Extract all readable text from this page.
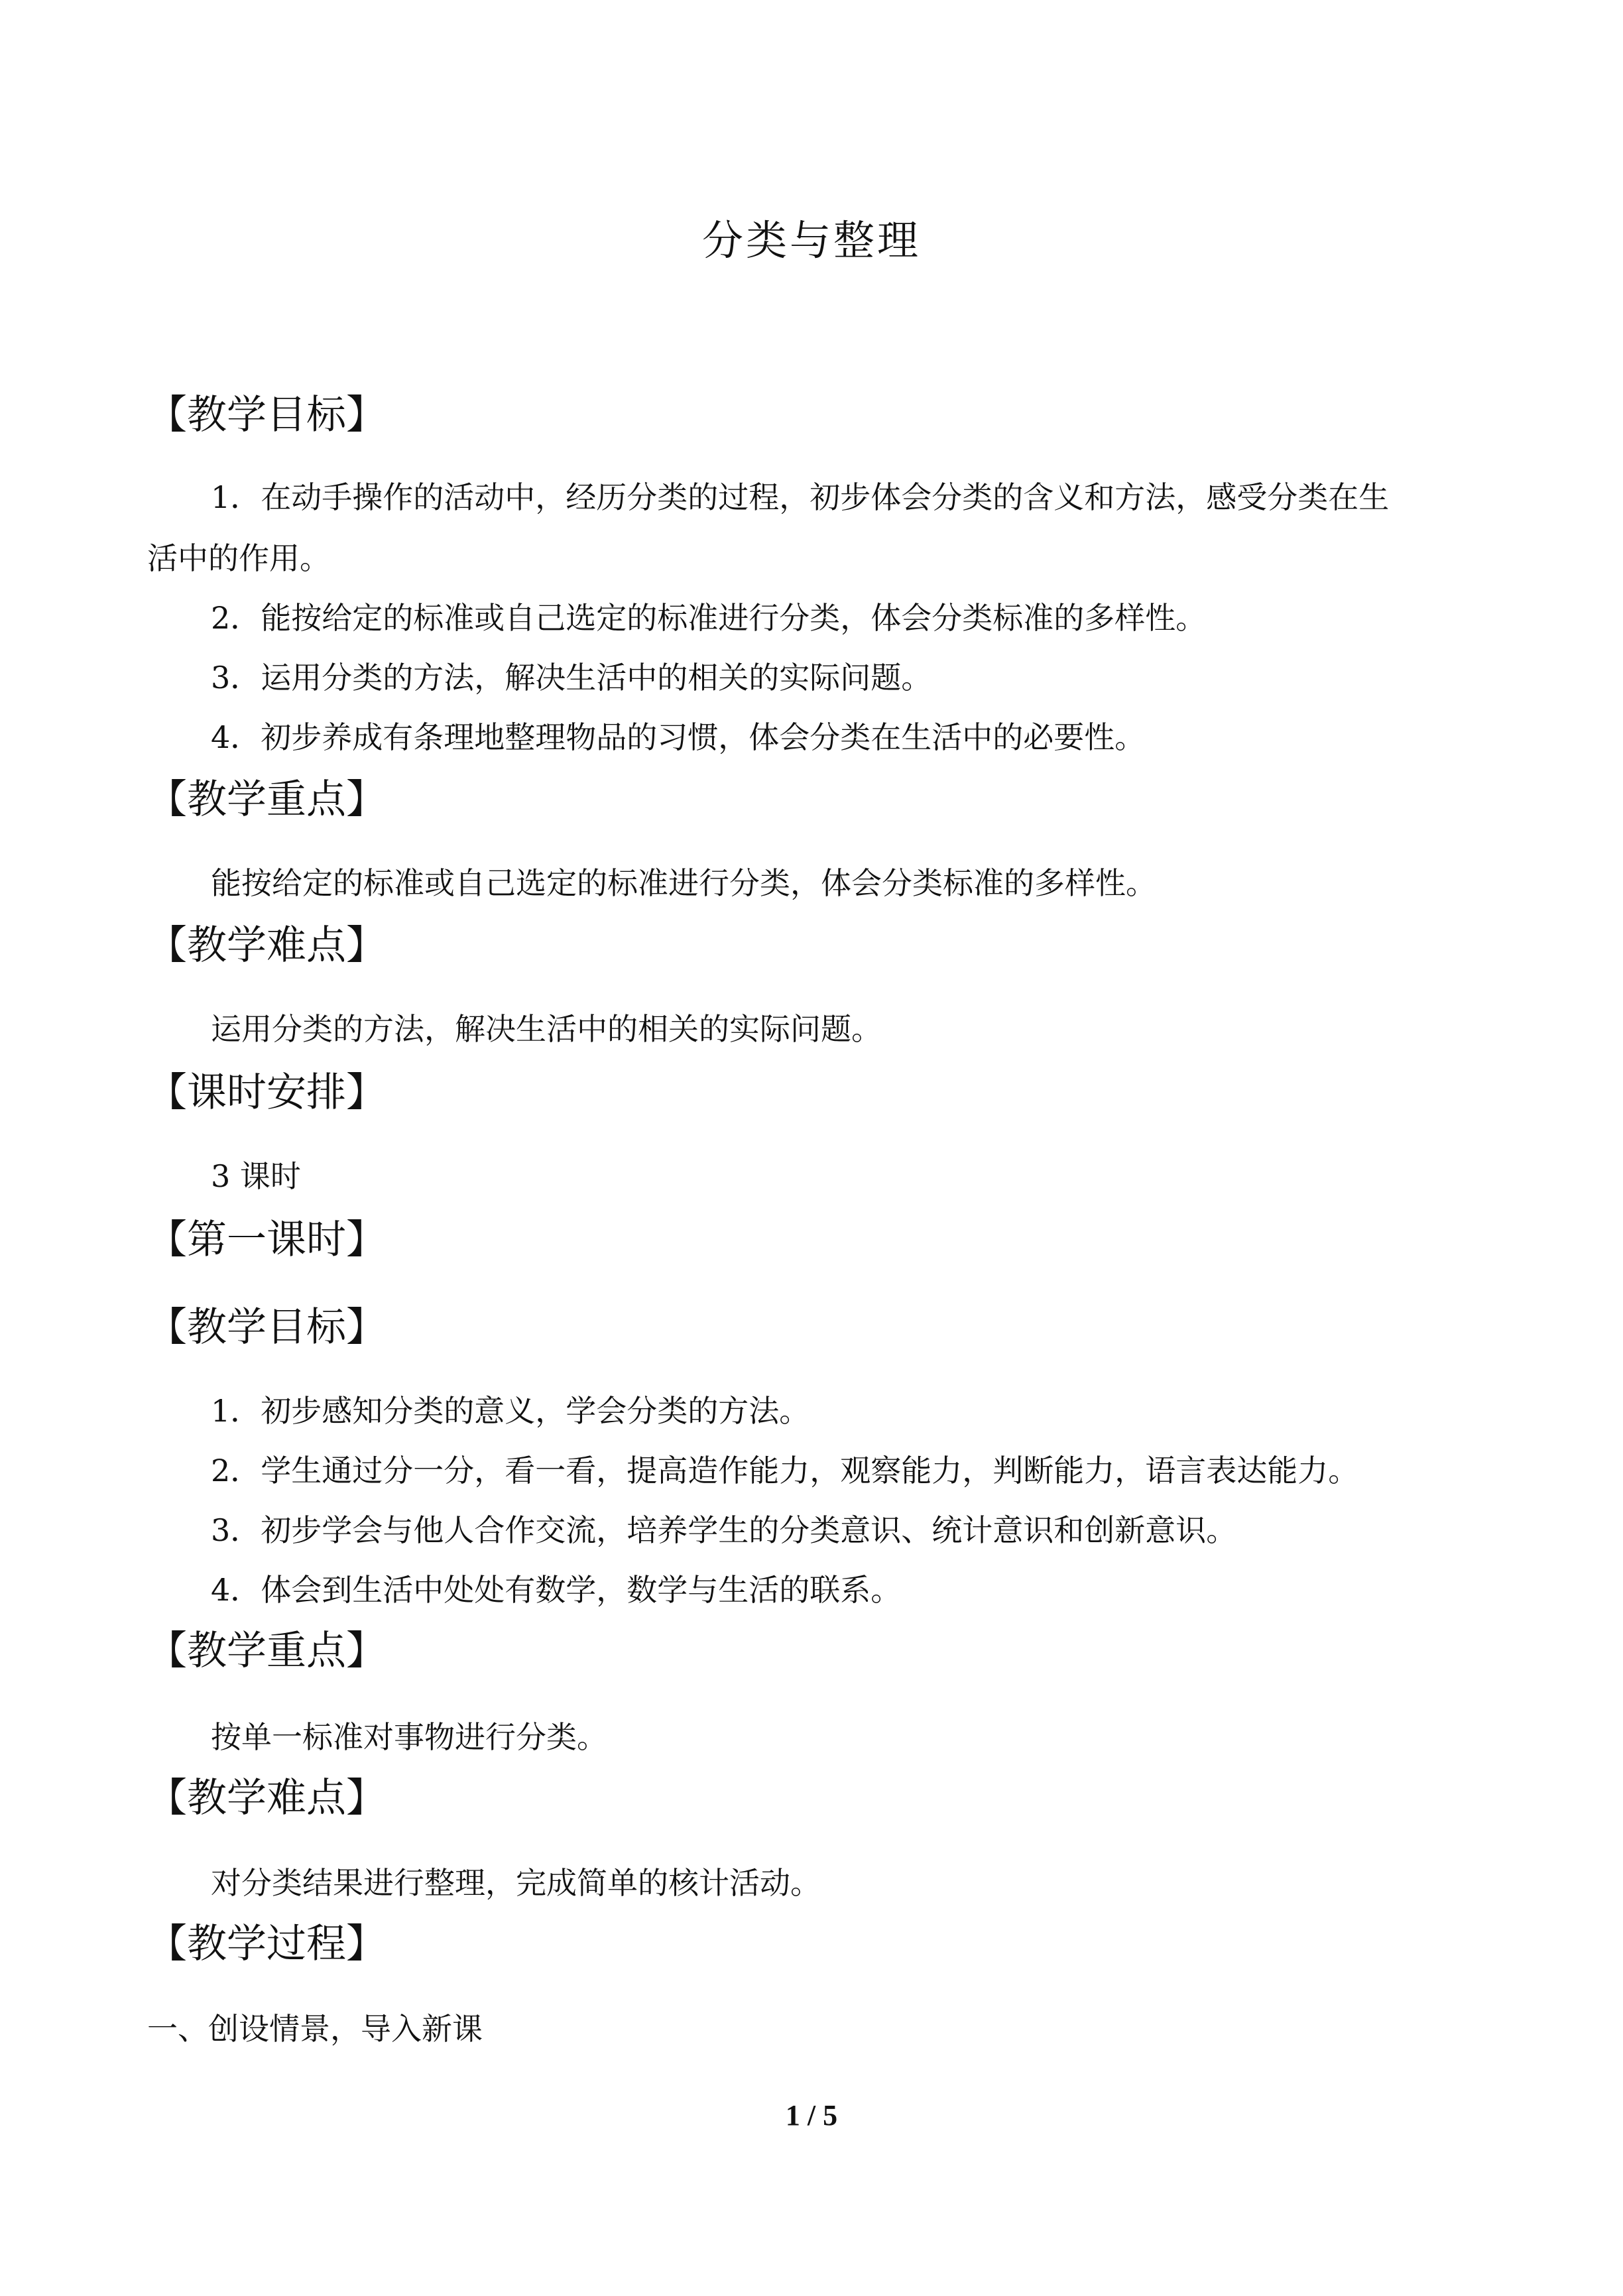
分类与整理
【教学目标】
1．在动手操作的活动中，经历分类的过程，初步体会分类的含义和方法，感受分类在生
活中的作用。
2．能按给定的标准或自己选定的标准进行分类，体会分类标准的多样性。
3．运用分类的方法，解决生活中的相关的实际问题。
4．初步养成有条理地整理物品的习惯，体会分类在生活中的必要性。
【教学重点】
能按给定的标准或自己选定的标准进行分类，体会分类标准的多样性。
【教学难点】
运用分类的方法，解决生活中的相关的实际问题。
【课时安排】
3 课时
【第一课时】
【教学目标】
1．初步感知分类的意义，学会分类的方法。
2．学生通过分一分，看一看，提高造作能力，观察能力，判断能力，语言表达能力。
3．初步学会与他人合作交流，培养学生的分类意识、统计意识和创新意识。
4．体会到生活中处处有数学，数学与生活的联系。
【教学重点】
按单一标准对事物进行分类。
【教学难点】
对分类结果进行整理，完成简单的核计活动。
【教学过程】
一、创设情景，导入新课
1 / 5
